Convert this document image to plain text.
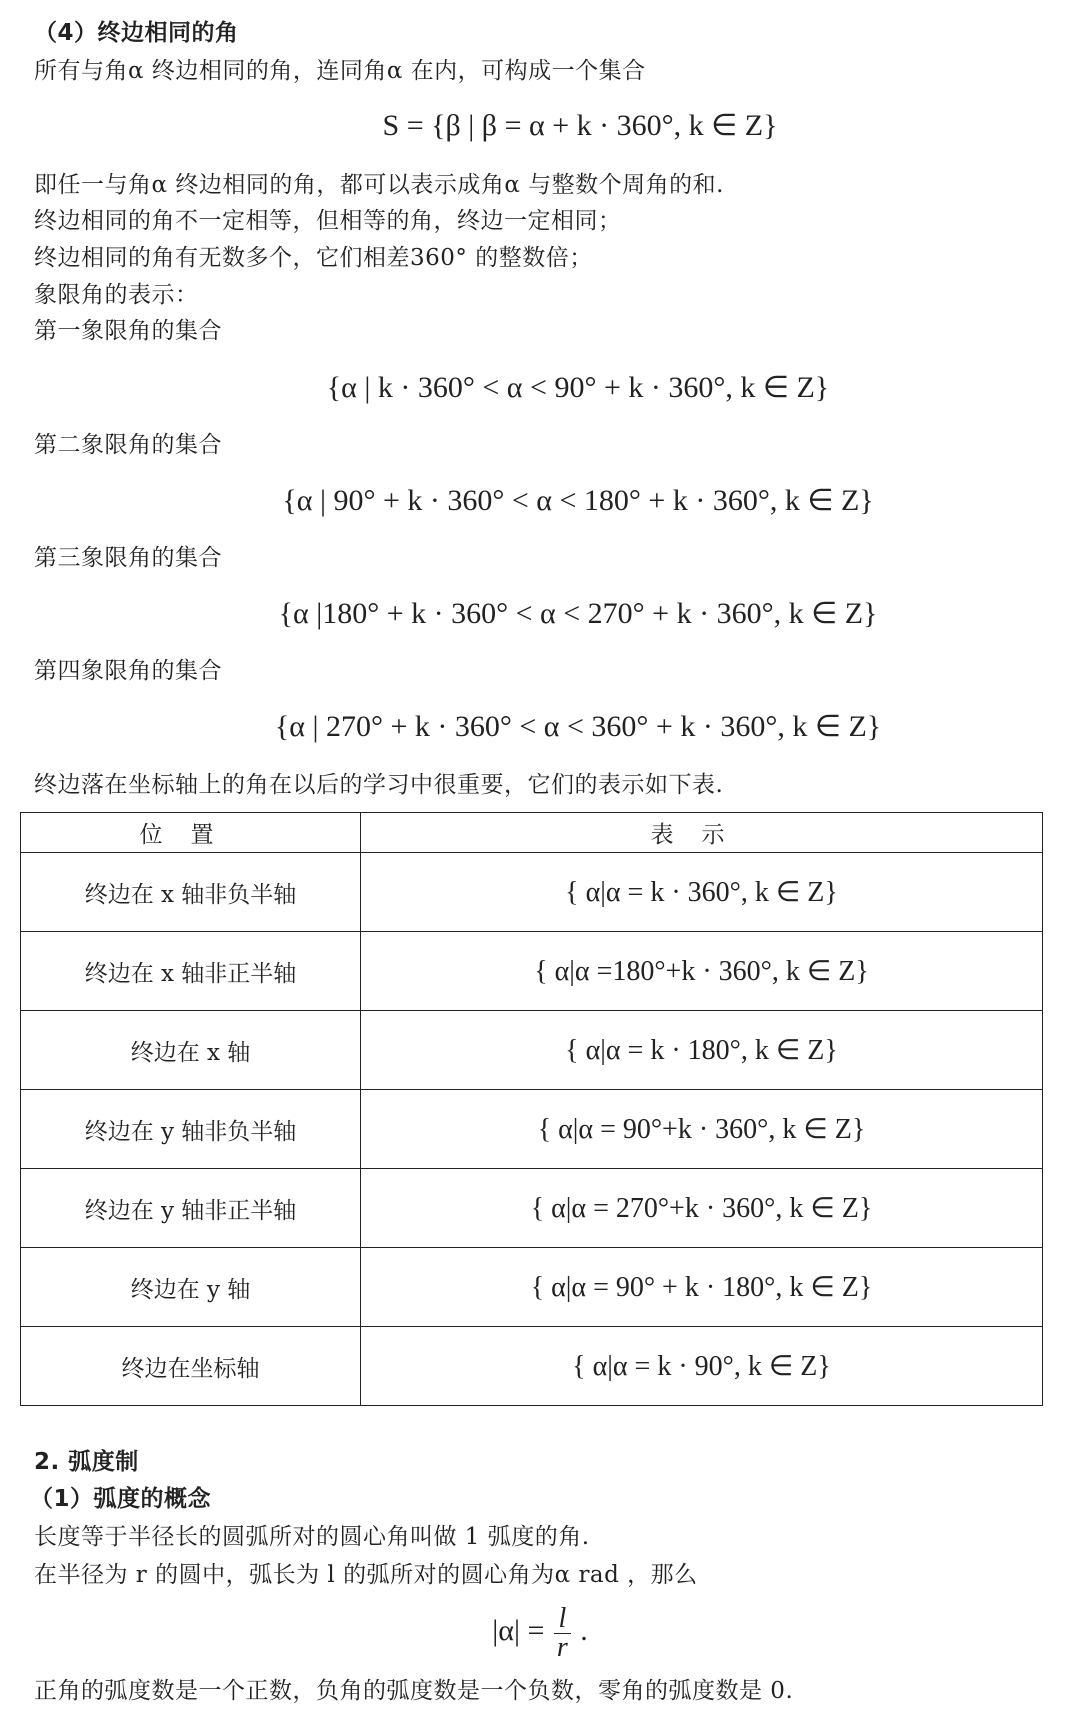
（4）终边相同的角
所有与角α 终边相同的角，连同角α 在内，可构成一个集合
S = {β | β = α + k · 360°, k ∈ Z}
即任一与角α 终边相同的角，都可以表示成角α 与整数个周角的和.
终边相同的角不一定相等，但相等的角，终边一定相同；
终边相同的角有无数多个，它们相差360° 的整数倍；
象限角的表示：
第一象限角的集合
{α | k · 360° < α < 90° + k · 360°, k ∈ Z}
第二象限角的集合
{α | 90° + k · 360° < α < 180° + k · 360°, k ∈ Z}
第三象限角的集合
{α |180° + k · 360° < α < 270° + k · 360°, k ∈ Z}
第四象限角的集合
{α | 270° + k · 360° < α < 360° + k · 360°, k ∈ Z}
终边落在坐标轴上的角在以后的学习中很重要，它们的表示如下表.
位置	表示
终边在 x 轴非负半轴	{ α|α = k · 360°, k ∈ Z}
终边在 x 轴非正半轴	{ α|α =180°+k · 360°, k ∈ Z}
终边在 x 轴	{ α|α = k · 180°, k ∈ Z}
终边在 y 轴非负半轴	{ α|α = 90°+k · 360°, k ∈ Z}
终边在 y 轴非正半轴	{ α|α = 270°+k · 360°, k ∈ Z}
终边在 y 轴	{ α|α = 90° + k · 180°, k ∈ Z}
终边在坐标轴	{ α|α = k · 90°, k ∈ Z}
2. 弧度制
（1）弧度的概念
长度等于半径长的圆弧所对的圆心角叫做 1 弧度的角.
在半径为 r 的圆中，弧长为 l 的弧所对的圆心角为α rad ，那么
$|\alpha| = \frac{l}{r}$ .
正角的弧度数是一个正数，负角的弧度数是一个负数，零角的弧度数是 0.
